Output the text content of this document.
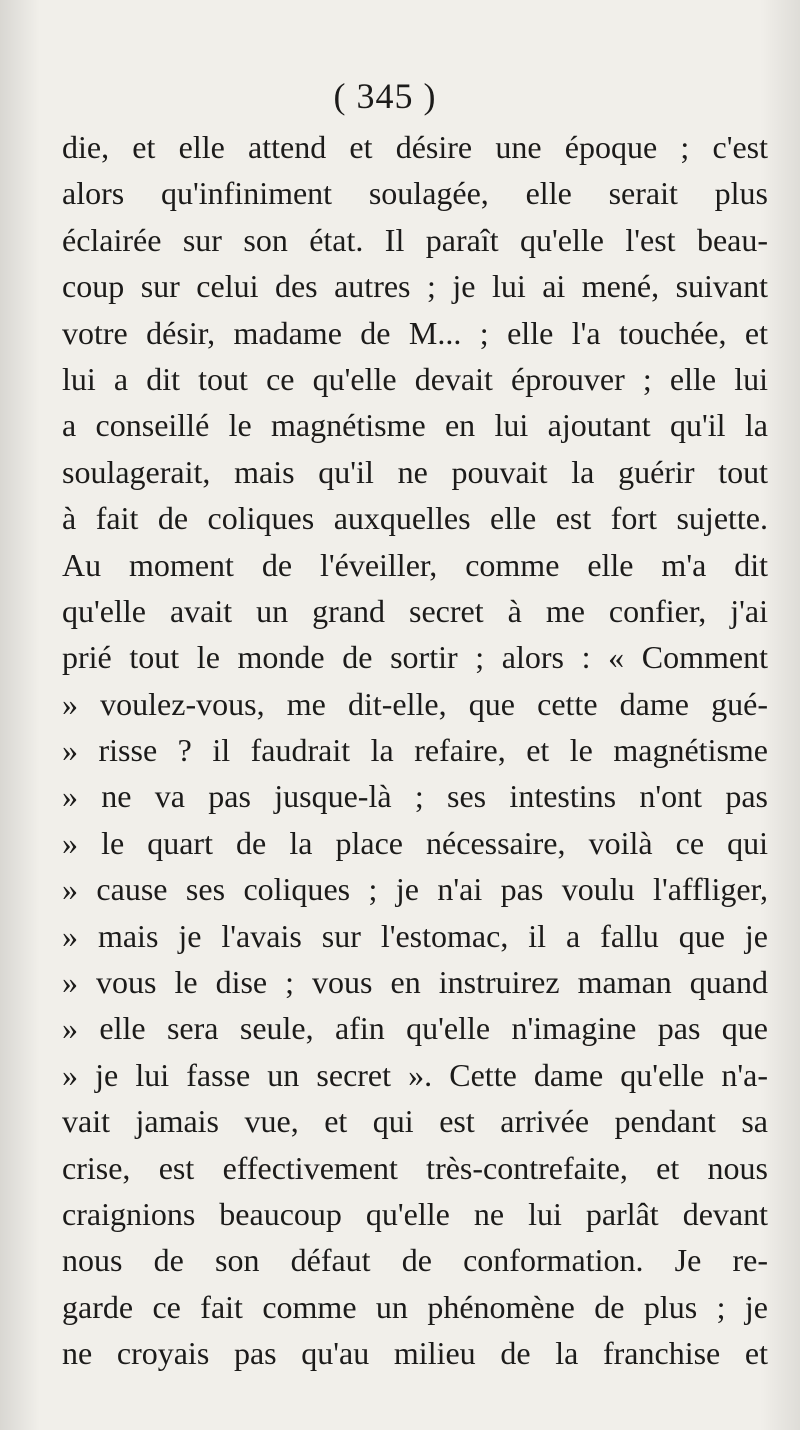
( 345 )
die, et elle attend et désire une époque ; c'est
alors qu'infiniment soulagée, elle serait plus
éclairée sur son état. Il paraît qu'elle l'est beau-
coup sur celui des autres ; je lui ai mené, suivant
votre désir, madame de M... ; elle l'a touchée, et
lui a dit tout ce qu'elle devait éprouver ; elle lui
a conseillé le magnétisme en lui ajoutant qu'il la
soulagerait, mais qu'il ne pouvait la guérir tout
à fait de coliques auxquelles elle est fort sujette.
Au moment de l'éveiller, comme elle m'a dit
qu'elle avait un grand secret à me confier, j'ai
prié tout le monde de sortir ; alors : « Comment
» voulez-vous, me dit-elle, que cette dame gué-
» risse ? il faudrait la refaire, et le magnétisme
» ne va pas jusque-là ; ses intestins n'ont pas
» le quart de la place nécessaire, voilà ce qui
» cause ses coliques ; je n'ai pas voulu l'affliger,
» mais je l'avais sur l'estomac, il a fallu que je
» vous le dise ; vous en instruirez maman quand
» elle sera seule, afin qu'elle n'imagine pas que
» je lui fasse un secret ». Cette dame qu'elle n'a-
vait jamais vue, et qui est arrivée pendant sa
crise, est effectivement très-contrefaite, et nous
craignions beaucoup qu'elle ne lui parlât devant
nous de son défaut de conformation. Je re-
garde ce fait comme un phénomène de plus ; je
ne croyais pas qu'au milieu de la franchise et
